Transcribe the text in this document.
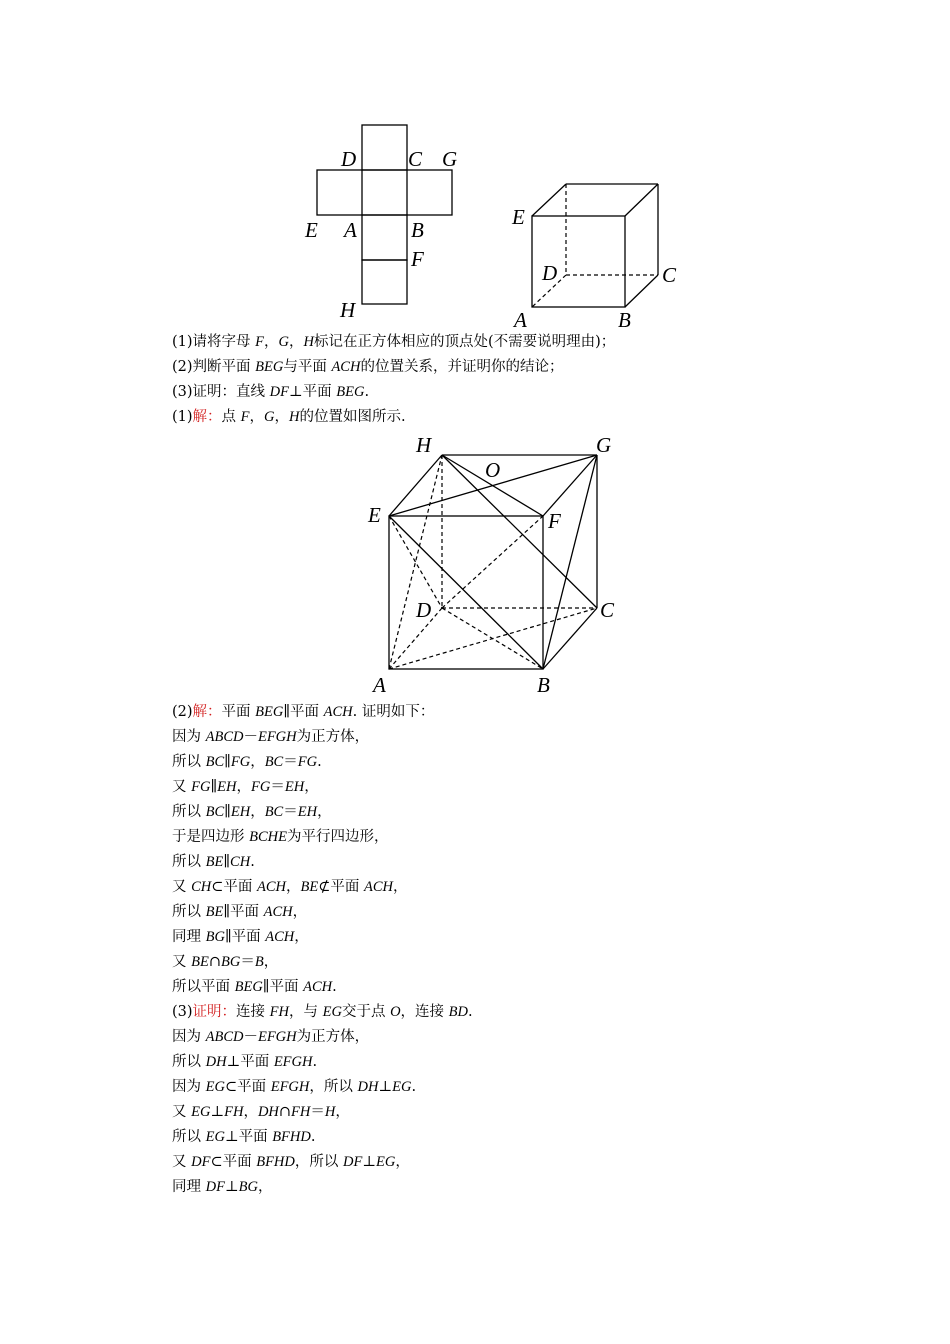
D C G
E A	B
F
H
E
D	C
A	B
(1)请将字母 F，G，H标记在正方体相应的顶点处(不需要说明理由)；
(2)判断平面 BEG与平面 ACH的位置关系，并证明你的结论；
(3)证明：直线 DF⊥平面 BEG.
(1)解：点 F，G，H的位置如图所示.
H	G
O
E	F
D	C
A	B
(2)解：平面 BEG∥平面 ACH. 证明如下：
因为 ABCD－EFGH为正方体，
所以 BC∥FG，BC＝FG.
又 FG∥EH，FG＝EH，
所以 BC∥EH，BC＝EH，
于是四边形 BCHE为平行四边形，
所以 BE∥CH.
又 CH⊂平面 ACH，BE⊄平面 ACH，
所以 BE∥平面 ACH，
同理 BG∥平面 ACH，
又 BE∩BG＝B，
所以平面 BEG∥平面 ACH.
(3)证明：连接 FH，与 EG交于点 O，连接 BD.
因为 ABCD－EFGH为正方体，
所以 DH⊥平面 EFGH.
因为 EG⊂平面 EFGH，所以 DH⊥EG.
又 EG⊥FH，DH∩FH＝H，
所以 EG⊥平面 BFHD.
又 DF⊂平面 BFHD，所以 DF⊥EG，
同理 DF⊥BG，
